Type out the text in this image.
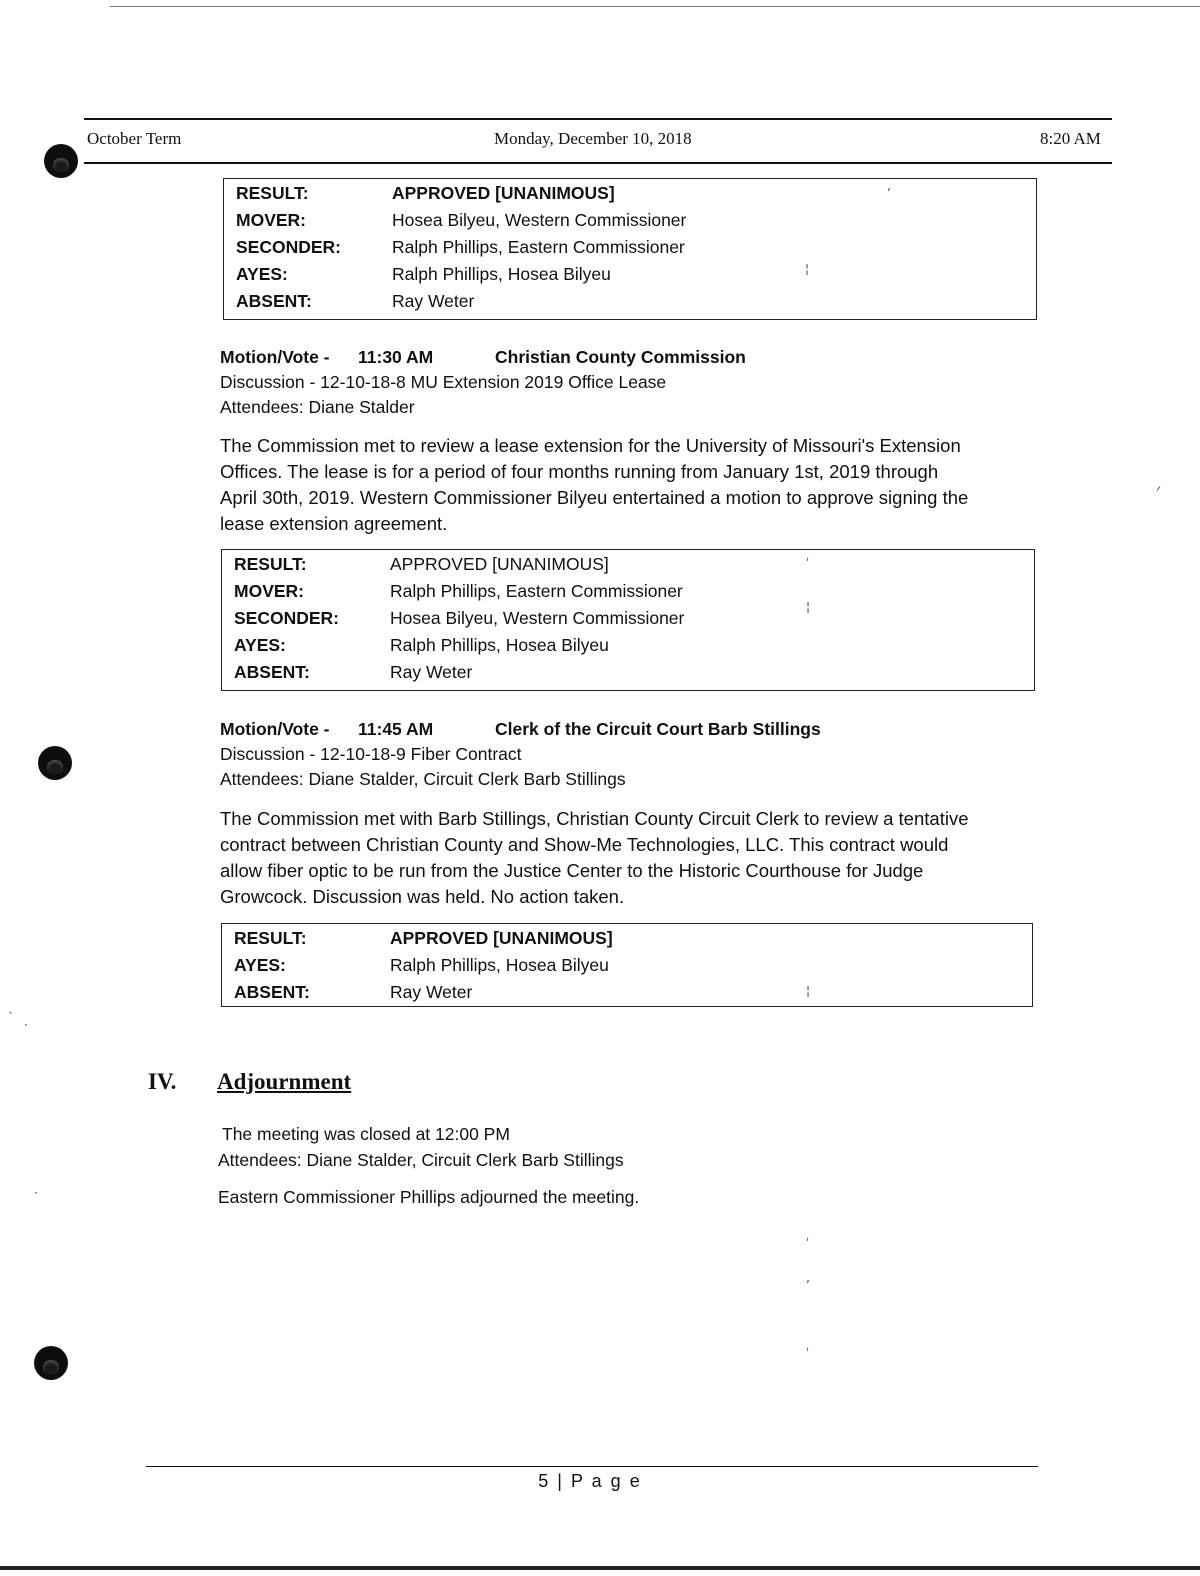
October Term	Monday, December 10, 2018	8:20 AM
RESULT:	APPROVED [UNANIMOUS]
MOVER:	Hosea Bilyeu, Western Commissioner
SECONDER:	Ralph Phillips, Eastern Commissioner
AYES:	Ralph Phillips, Hosea Bilyeu
ABSENT:	Ray Weter
Motion/Vote - 11:30 AM	Christian County Commission
Discussion - 12-10-18-8 MU Extension 2019 Office Lease
Attendees: Diane Stalder
The Commission met to review a lease extension for the University of Missouri's Extension
Offices. The lease is for a period of four months running from January 1st, 2019 through
April 30th, 2019. Western Commissioner Bilyeu entertained a motion to approve signing the
lease extension agreement.
RESULT:	APPROVED [UNANIMOUS]
MOVER:	Ralph Phillips, Eastern Commissioner
SECONDER:	Hosea Bilyeu, Western Commissioner
AYES:	Ralph Phillips, Hosea Bilyeu
ABSENT:	Ray Weter
Motion/Vote - 11:45 AM	Clerk of the Circuit Court Barb Stillings
Discussion - 12-10-18-9 Fiber Contract
Attendees: Diane Stalder, Circuit Clerk Barb Stillings
The Commission met with Barb Stillings, Christian County Circuit Clerk to review a tentative
contract between Christian County and Show-Me Technologies, LLC. This contract would
allow fiber optic to be run from the Justice Center to the Historic Courthouse for Judge
Growcock. Discussion was held. No action taken.
RESULT:	APPROVED [UNANIMOUS]
AYES:	Ralph Phillips, Hosea Bilyeu
ABSENT:	Ray Weter
IV. Adjournment
The meeting was closed at 12:00 PM
Attendees: Diane Stalder, Circuit Clerk Barb Stillings
Eastern Commissioner Phillips adjourned the meeting.
5 | P a g e
ʼ
¦
ᐟ
ˈ
¦
¦
ˈ
ʼ
ˌ
ˎ
·
·
